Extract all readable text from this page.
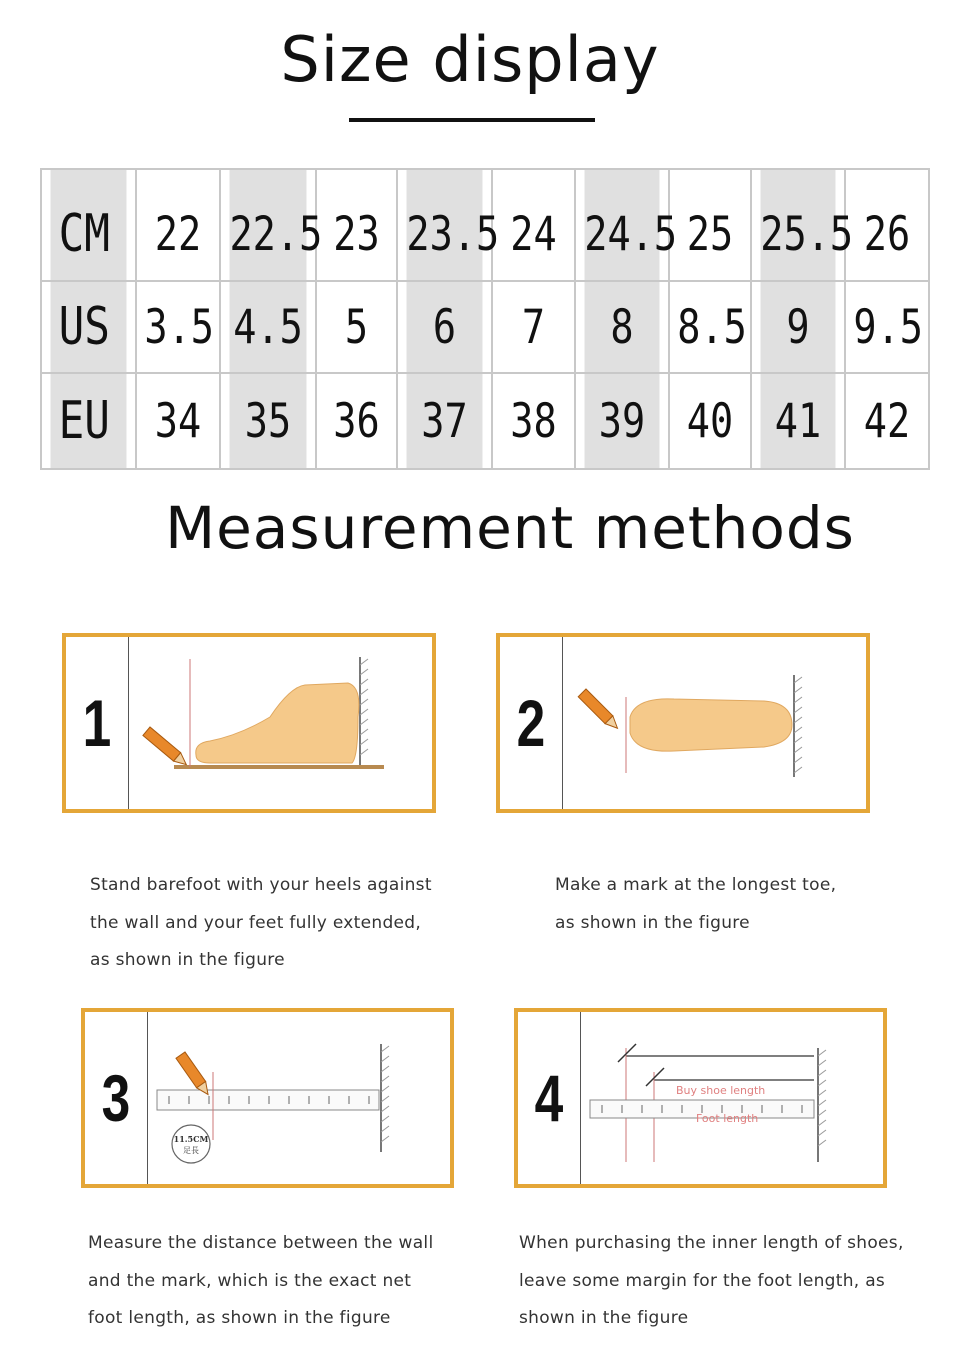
Size display
CM	22	22.5	23	23.5	24	24.5	25	25.5	26
US	3.5	4.5	5	6	7	8	8.5	9	9.5
EU	34	35	36	37	38	39	40	41	42
Measurement methods
1	2
Stand barefoot with your heels against
the wall and your feet fully extended,
as shown in the figure
Make a mark at the longest toe,
as shown in the figure
3
11.5CM
足長
4	Buy shoe length
Foot length
Measure the distance between the wall
and the mark, which is the exact net
foot length, as shown in the figure
When purchasing the inner length of shoes,
leave some margin for the foot length, as
shown in the figure
